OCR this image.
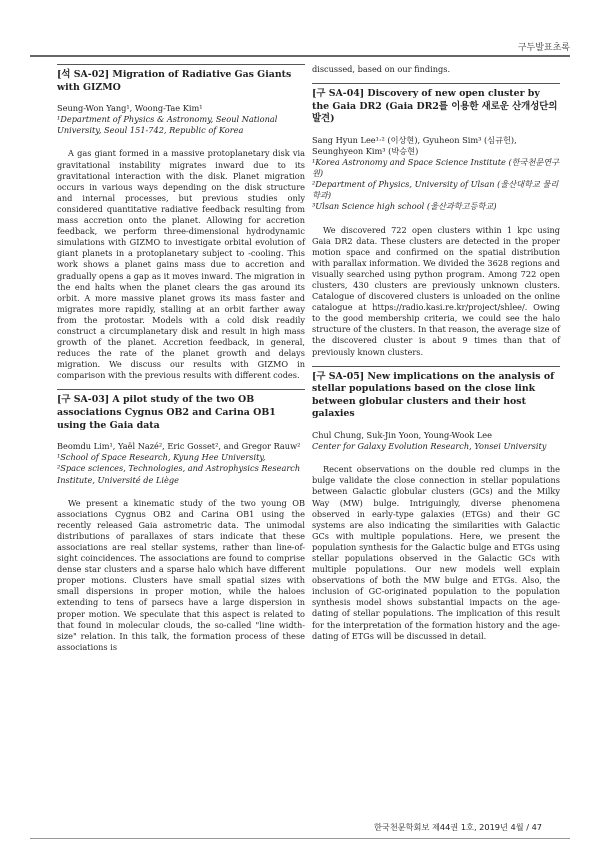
구두발표초록
[석 SA-02] Migration of Radiative Gas Giants with GIZMO

Seung-Won Yang¹, Woong-Tae Kim¹

¹Department of Physics & Astronomy, Seoul National University, Seoul 151-742, Republic of Korea

A gas giant formed in a massive protoplanetary disk via gravitational instability migrates inward due to its gravitational interaction with the disk. Planet migration occurs in various ways depending on the disk structure and internal processes, but previous studies only considered quantitative radiative feedback resulting from mass accretion onto the planet. Allowing for accretion feedback, we perform three-dimensional hydrodynamic simulations with GIZMO to investigate orbital evolution of giant planets in a protoplanetary subject to -cooling. This work shows a planet gains mass due to accretion and gradually opens a gap as it moves inward. The migration in the end halts when the planet clears the gas around its orbit. A more massive planet grows its mass faster and migrates more rapidly, stalling at an orbit farther away from the protostar. Models with a cold disk readily construct a circumplanetary disk and result in high mass growth of the planet. Accretion feedback, in general, reduces the rate of the planet growth and delays migration. We discuss our results with GIZMO in comparison with the previous results with different codes.

[구 SA-03] A pilot study of the two OB associations Cygnus OB2 and Carina OB1 using the Gaia data

Beomdu Lim¹, Yaël Nazé², Eric Gosset², and Gregor Rauw²

¹School of Space Research, Kyung Hee University,

²Space sciences, Technologies, and Astrophysics Research Institute, Université de Liège

We present a kinematic study of the two young OB associations Cygnus OB2 and Carina OB1 using the recently released Gaia astrometric data. The unimodal distributions of parallaxes of stars indicate that these associations are real stellar systems, rather than line-of-sight coincidences. The associations are found to comprise dense star clusters and a sparse halo which have different proper motions. Clusters have small spatial sizes with small dispersions in proper motion, while the haloes extending to tens of parsecs have a large dispersion in proper motion. We speculate that this aspect is related to that found in molecular clouds, the so-called "line width-size" relation. In this talk, the formation process of these associations is

discussed, based on our findings.

[구 SA-04] Discovery of new open cluster by the Gaia DR2 (Gaia DR2를 이용한 새로운 산개성단의 발견)

Sang Hyun Lee¹·² (이상현), Gyuheon Sim³ (심규헌), Seunghyeon Kim³ (박승현)

¹Korea Astronomy and Space Science Institute (한국천문연구원)

²Department of Physics, University of Ulsan (울산대학교 물리학과)

³Ulsan Science high school (울산과학고등학교)

We discovered 722 open clusters within 1 kpc using Gaia DR2 data. These clusters are detected in the proper motion space and confirmed on the spatial distribution with parallax information. We divided the 3628 regions and visually searched using python program. Among 722 open clusters, 430 clusters are previously unknown clusters. Catalogue of discovered clusters is unloaded on the online catalogue at https://radio.kasi.re.kr/project/shlee/. Owing to the good membership criteria, we could see the halo structure of the clusters. In that reason, the average size of the discovered cluster is about 9 times than that of previously known clusters.

[구 SA-05] New implications on the analysis of stellar populations based on the close link between globular clusters and their host galaxies

Chul Chung, Suk-Jin Yoon, Young-Wook Lee

Center for Galaxy Evolution Research, Yonsei University

Recent observations on the double red clumps in the bulge validate the close connection in stellar populations between Galactic globular clusters (GCs) and the Milky Way (MW) bulge. Intriguingly, diverse phenomena observed in early-type galaxies (ETGs) and their GC systems are also indicating the similarities with Galactic GCs with multiple populations. Here, we present the population synthesis for the Galactic bulge and ETGs using stellar populations observed in the Galactic GCs with multiple populations. Our new models well explain observations of both the MW bulge and ETGs. Also, the inclusion of GC-originated population to the population synthesis model shows substantial impacts on the age-dating of stellar populations. The implication of this result for the interpretation of the formation history and the age-dating of ETGs will be discussed in detail.

한국천문학회보 제44권 1호, 2019년 4월 / 47
